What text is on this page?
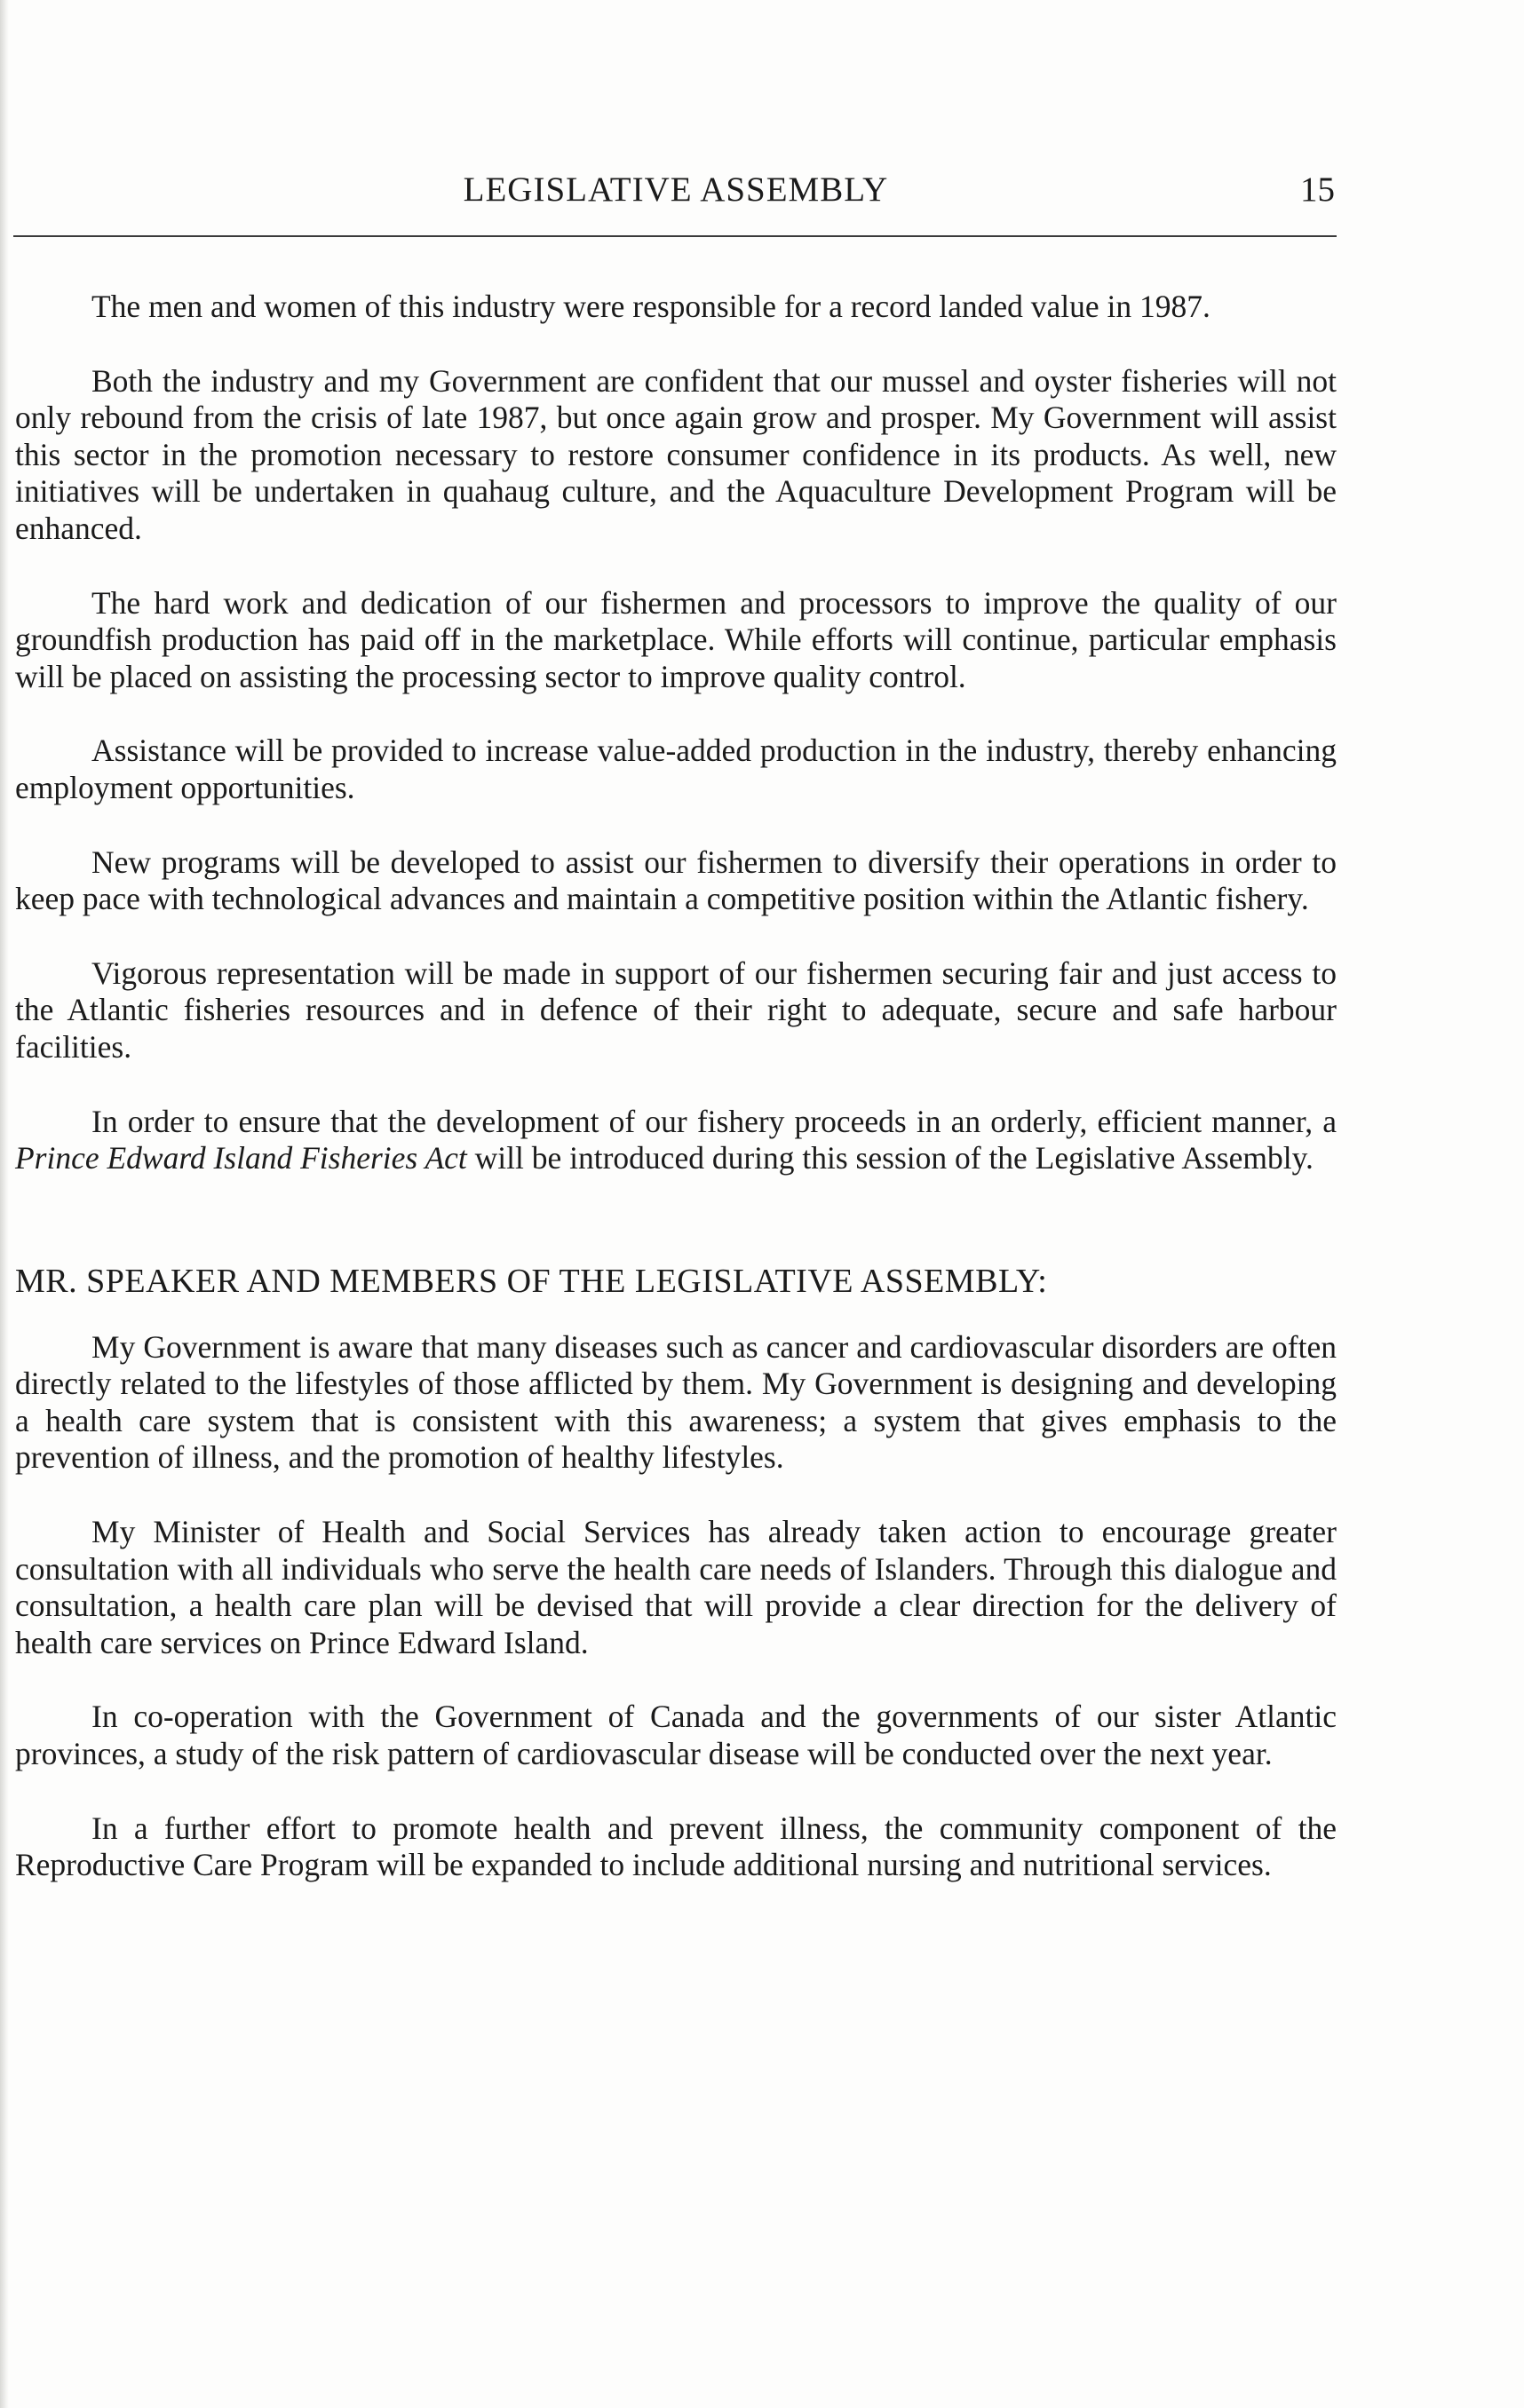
LEGISLATIVE ASSEMBLY	15

The men and women of this industry were responsible for a record landed value in 1987.

Both the industry and my Government are confident that our mussel and oyster fisheries will not only rebound from the crisis of late 1987, but once again grow and prosper. My Government will assist this sector in the promotion necessary to restore consumer confidence in its products. As well, new initiatives will be undertaken in quahaug culture, and the Aquaculture Development Program will be enhanced.

The hard work and dedication of our fishermen and processors to improve the quality of our groundfish production has paid off in the marketplace. While efforts will continue, particular emphasis will be placed on assisting the processing sector to improve quality control.

Assistance will be provided to increase value-added production in the industry, thereby enhancing employment opportunities.

New programs will be developed to assist our fishermen to diversify their operations in order to keep pace with technological advances and maintain a competitive position within the Atlantic fishery.

Vigorous representation will be made in support of our fishermen securing fair and just access to the Atlantic fisheries resources and in defence of their right to adequate, secure and safe harbour facilities.

In order to ensure that the development of our fishery proceeds in an orderly, efficient manner, a Prince Edward Island Fisheries Act will be introduced during this session of the Legislative Assembly.

MR. SPEAKER AND MEMBERS OF THE LEGISLATIVE ASSEMBLY:

My Government is aware that many diseases such as cancer and cardiovascular disorders are often directly related to the lifestyles of those afflicted by them. My Government is designing and developing a health care system that is consistent with this awareness; a system that gives emphasis to the prevention of illness, and the promotion of healthy lifestyles.

My Minister of Health and Social Services has already taken action to encourage greater consultation with all individuals who serve the health care needs of Islanders. Through this dialogue and consultation, a health care plan will be devised that will provide a clear direction for the delivery of health care services on Prince Edward Island.

In co-operation with the Government of Canada and the governments of our sister Atlantic provinces, a study of the risk pattern of cardiovascular disease will be conducted over the next year.

In a further effort to promote health and prevent illness, the community component of the Reproductive Care Program will be expanded to include additional nursing and nutritional services.
